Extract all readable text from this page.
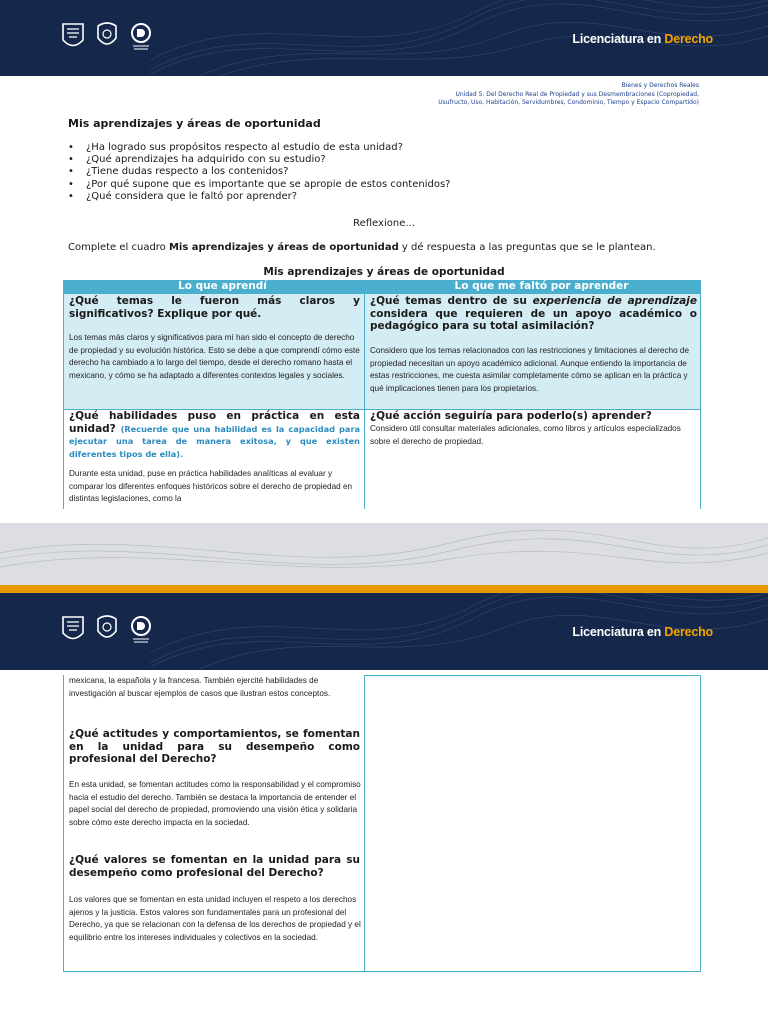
Licenciatura en Derecho
Bienes y Derechos Reales
Unidad 5. Del Derecho Real de Propiedad y sus Desmembraciones (Copropiedad,
Usufructo, Uso, Habitación, Servidumbres, Condominio, Tiempo y Espacio Compartido)
Mis aprendizajes y áreas de oportunidad
• ¿Ha logrado sus propósitos respecto al estudio de esta unidad?
• ¿Qué aprendizajes ha adquirido con su estudio?
• ¿Tiene dudas respecto a los contenidos?
• ¿Por qué supone que es importante que se apropie de estos contenidos?
• ¿Qué considera que le faltó por aprender?
Reflexione...
Complete el cuadro Mis aprendizajes y áreas de oportunidad y dé respuesta a las preguntas que se le plantean.
Mis aprendizajes y áreas de oportunidad
Lo que aprendí	Lo que me faltó por aprender
¿Qué temas le fueron más claros y significativos? Explique por qué.
Los temas más claros y significativos para mí han sido el concepto de derecho de propiedad y su evolución histórica. Esto se debe a que comprendí cómo este derecho ha cambiado a lo largo del tiempo, desde el derecho romano hasta el mexicano, y cómo se ha adaptado a diferentes contextos legales y sociales.
¿Qué temas dentro de su experiencia de aprendizaje considera que requieren de un apoyo académico o pedagógico para su total asimilación?
Considero que los temas relacionados con las restricciones y limitaciones al derecho de propiedad necesitan un apoyo académico adicional. Aunque entiendo la importancia de estas restricciones, me cuesta asimilar completamente cómo se aplican en la práctica y qué implicaciones tienen para los propietarios.
¿Qué habilidades puso en práctica en esta unidad? (Recuerde que una habilidad es la capacidad para ejecutar una tarea de manera exitosa, y que existen diferentes tipos de ella).
Durante esta unidad, puse en práctica habilidades analíticas al evaluar y comparar los diferentes enfoques históricos sobre el derecho de propiedad en distintas legislaciones, como la
¿Qué acción seguiría para poderlo(s) aprender?
Considero útil consultar materiales adicionales, como libros y artículos especializados sobre el derecho de propiedad.
Licenciatura en Derecho
mexicana, la española y la francesa. También ejercité habilidades de investigación al buscar ejemplos de casos que ilustran estos conceptos.
¿Qué actitudes y comportamientos, se fomentan en la unidad para su desempeño como profesional del Derecho?
En esta unidad, se fomentan actitudes como la responsabilidad y el compromiso hacia el estudio del derecho. También se destaca la importancia de entender el papel social del derecho de propiedad, promoviendo una visión ética y solidaria sobre cómo este derecho impacta en la sociedad.
¿Qué valores se fomentan en la unidad para su desempeño como profesional del Derecho?
Los valores que se fomentan en esta unidad incluyen el respeto a los derechos ajenos y la justicia. Estos valores son fundamentales para un profesional del Derecho, ya que se relacionan con la defensa de los derechos de propiedad y el equilibrio entre los intereses individuales y colectivos en la sociedad.
